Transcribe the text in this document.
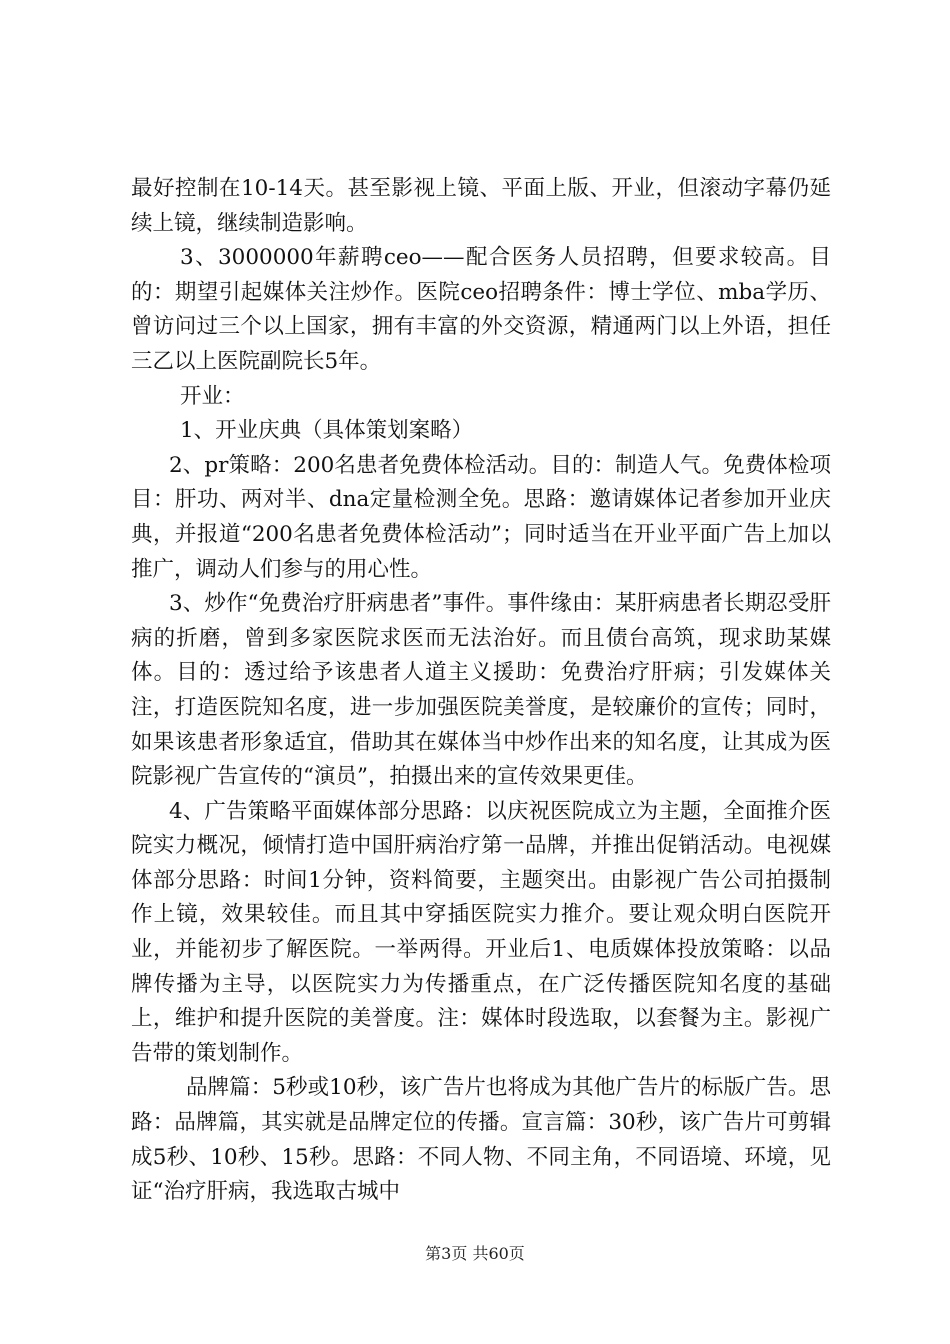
最好控制在10-14天。甚至影视上镜、平面上版、开业，但滚动字幕仍延续上镜，继续制造影响。

3、3000000年薪聘ceo——配合医务人员招聘，但要求较高。目的：期望引起媒体关注炒作。医院ceo招聘条件：博士学位、mba学历、曾访问过三个以上国家，拥有丰富的外交资源，精通两门以上外语，担任三乙以上医院副院长5年。

开业：

1、开业庆典（具体策划案略）

2、pr策略：200名患者免费体检活动。目的：制造人气。免费体检项目：肝功、两对半、dna定量检测全免。思路：邀请媒体记者参加开业庆典，并报道“200名患者免费体检活动”；同时适当在开业平面广告上加以推广，调动人们参与的用心性。

3、炒作“免费治疗肝病患者”事件。事件缘由：某肝病患者长期忍受肝病的折磨，曾到多家医院求医而无法治好。而且债台高筑，现求助某媒体。目的：透过给予该患者人道主义援助：免费治疗肝病；引发媒体关注，打造医院知名度，进一步加强医院美誉度，是较廉价的宣传；同时，如果该患者形象适宜，借助其在媒体当中炒作出来的知名度，让其成为医院影视广告宣传的“演员”，拍摄出来的宣传效果更佳。

4、广告策略平面媒体部分思路：以庆祝医院成立为主题，全面推介医院实力概况，倾情打造中国肝病治疗第一品牌，并推出促销活动。电视媒体部分思路：时间1分钟，资料简要，主题突出。由影视广告公司拍摄制作上镜，效果较佳。而且其中穿插医院实力推介。要让观众明白医院开业，并能初步了解医院。一举两得。开业后1、电质媒体投放策略：以品牌传播为主导，以医院实力为传播重点，在广泛传播医院知名度的基础上，维护和提升医院的美誉度。注：媒体时段选取，以套餐为主。影视广告带的策划制作。

品牌篇：5秒或10秒，该广告片也将成为其他广告片的标版广告。思路：品牌篇，其实就是品牌定位的传播。宣言篇：30秒，该广告片可剪辑成5秒、10秒、15秒。思路：不同人物、不同主角，不同语境、环境，见证“治疗肝病，我选取古城中

第3页 共60页
